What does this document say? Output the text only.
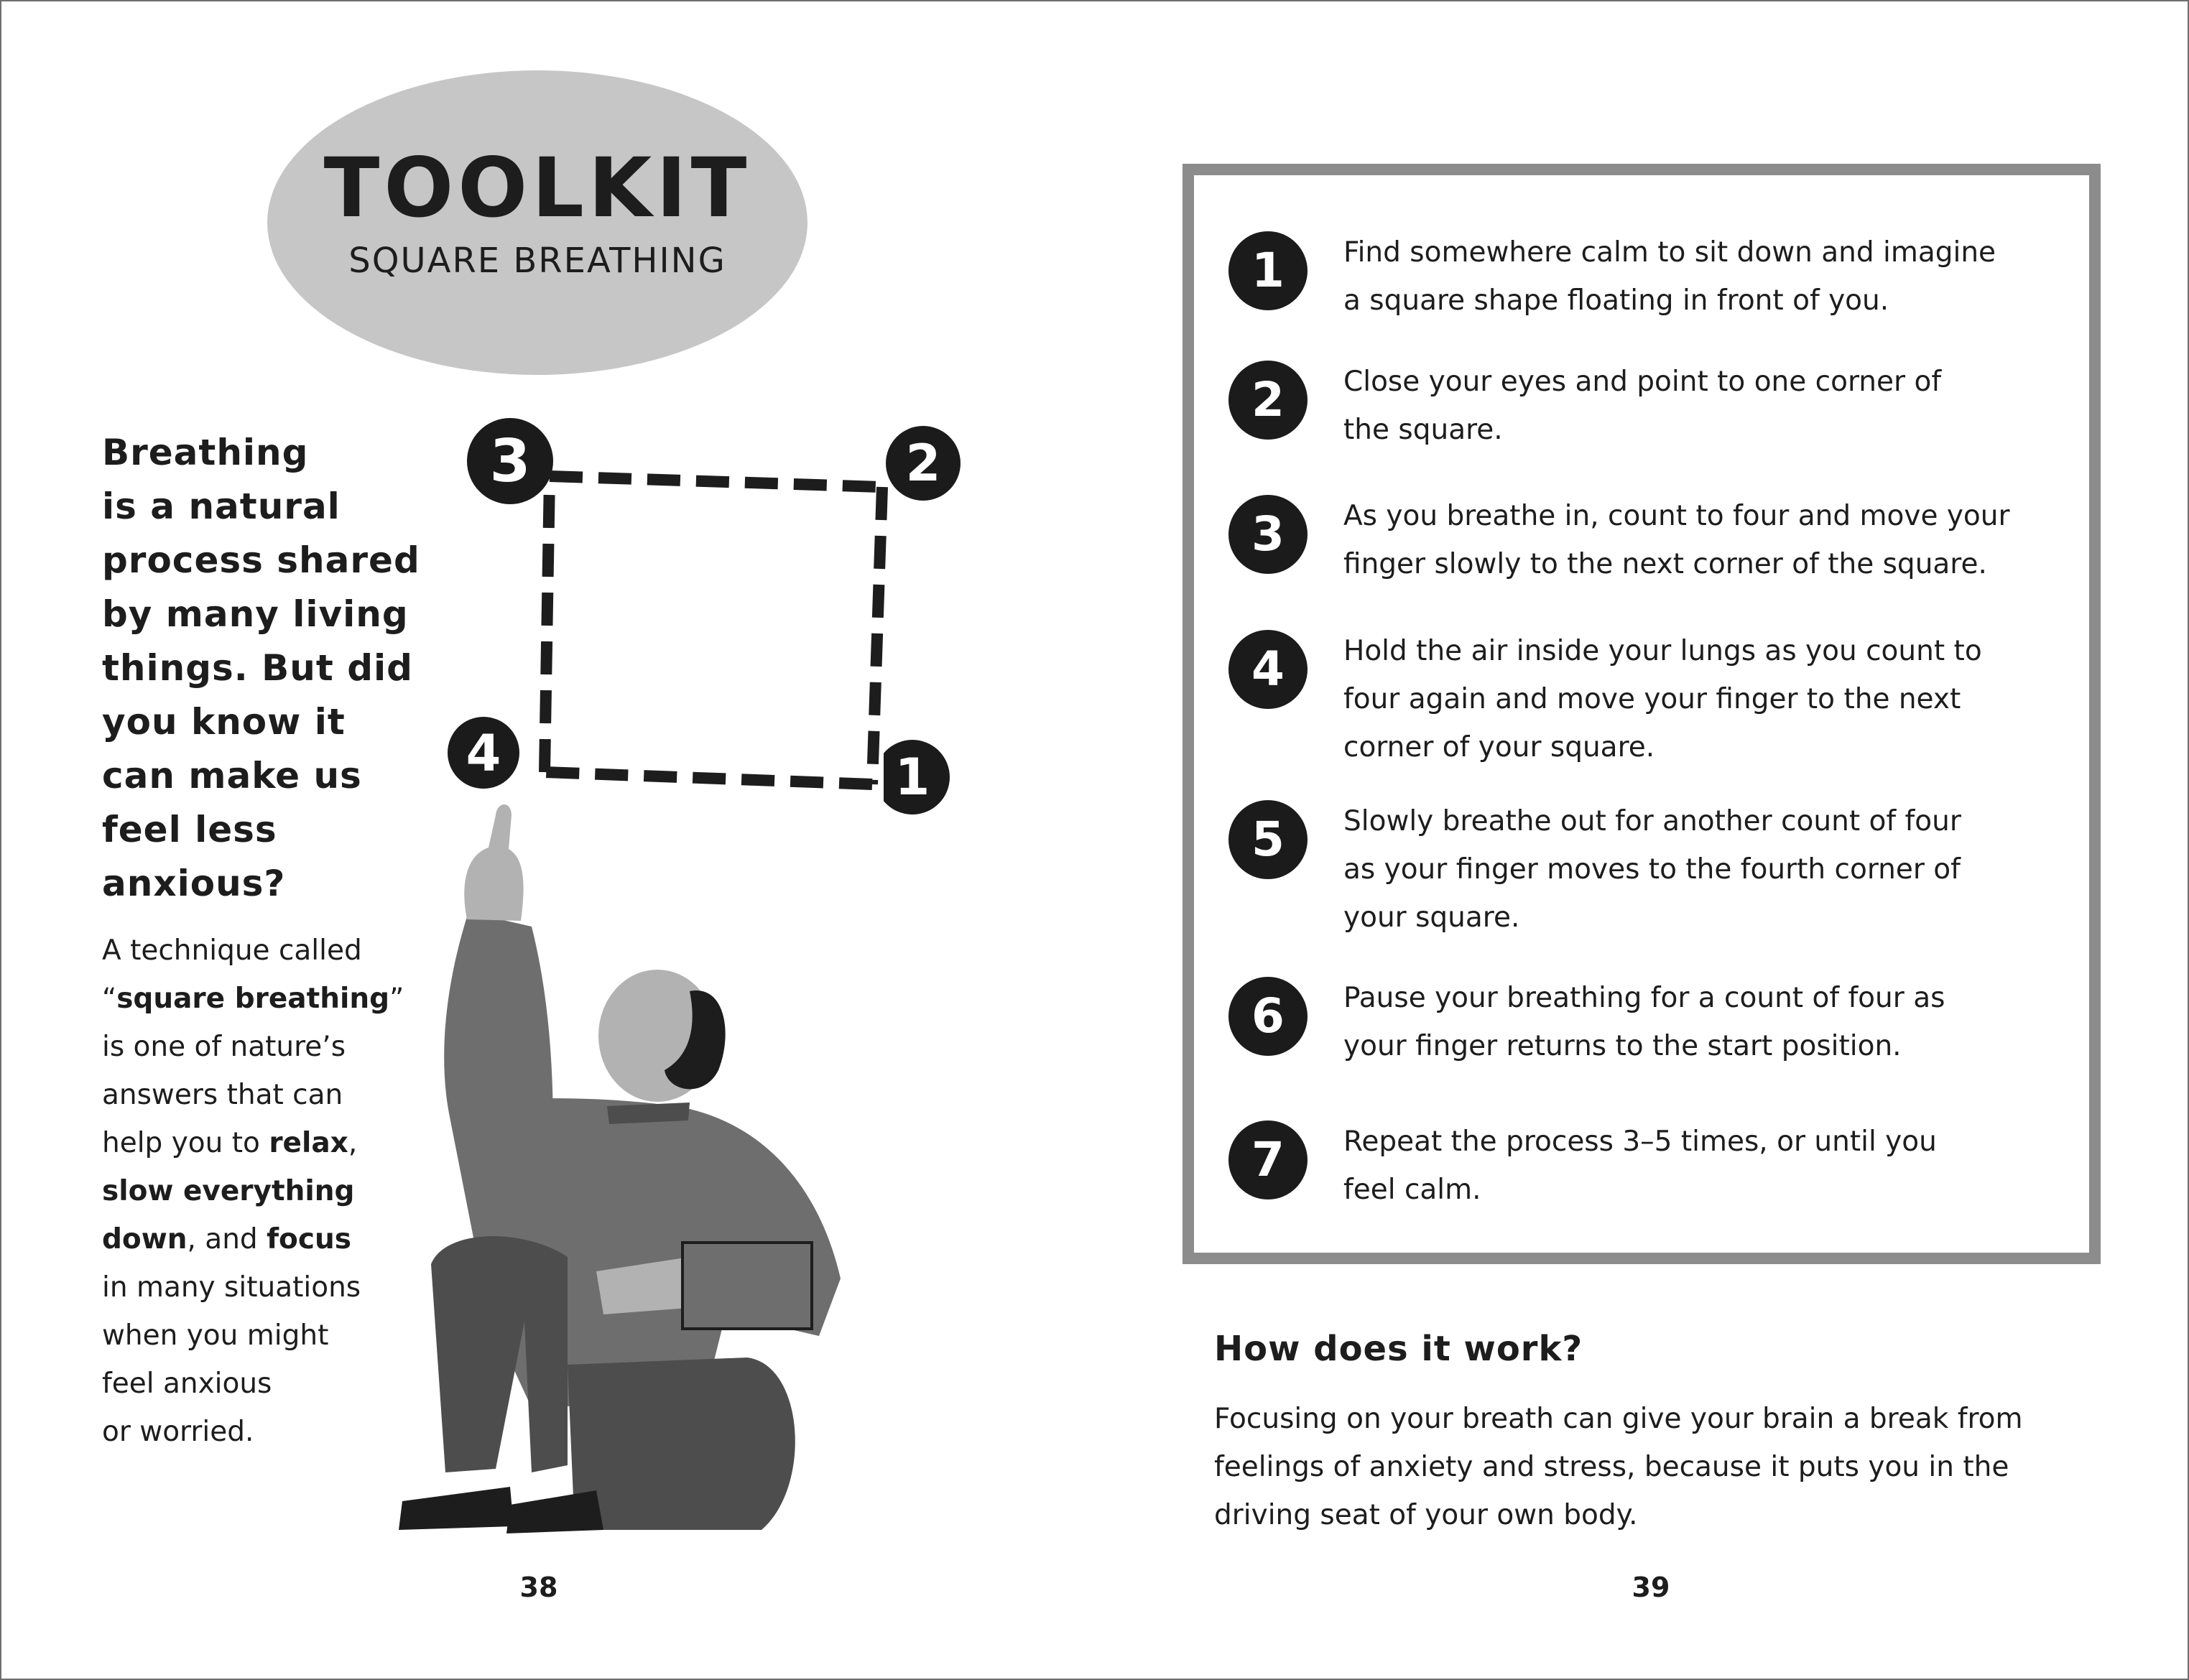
TOOLKIT
SQUARE BREATHING
Breathing
is a natural
process shared
by many living
things. But did
you know it
can make us
feel less
anxious?
A technique called
“square breathing”
is one of nature’s
answers that can
help you to relax,
slow everything
down, and focus
in many situations
when you might
feel anxious
or worried.
3
4
2
1
38
1	Find somewhere calm to sit down and imagine
a square shape floating in front of you.
2	Close your eyes and point to one corner of
the square.
3	As you breathe in, count to four and move your
finger slowly to the next corner of the square.
4	Hold the air inside your lungs as you count to
four again and move your finger to the next
corner of your square.
5	Slowly breathe out for another count of four
as your finger moves to the fourth corner of
your square.
6	Pause your breathing for a count of four as
your finger returns to the start position.
7	Repeat the process 3–5 times, or until you
feel calm.
How does it work?
Focusing on your breath can give your brain a break from
feelings of anxiety and stress, because it puts you in the
driving seat of your own body.
39
